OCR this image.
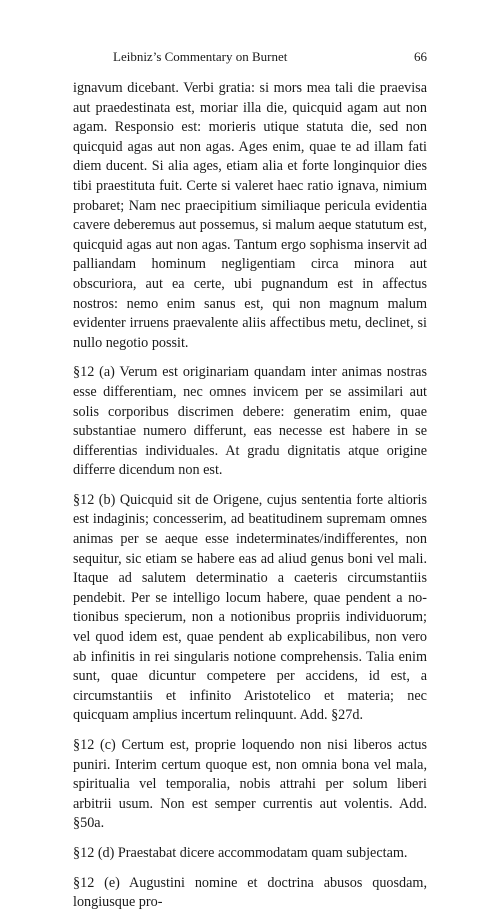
Leibniz’s Commentary on Burnet	66

ignavum dicebant. Verbi gratia: si mors mea tali die praevisa aut praedestinata est, moriar illa die, quicquid agam aut non agam. Responsio est: morieris utique statuta die, sed non quicquid agas aut non agas. Ages enim, quae te ad illam fati diem ducent. Si alia ages, etiam alia et forte longinquior dies tibi praestituta fuit. Certe si valeret haec ratio ignava, nimium probaret; Nam nec praecipitium similiaque pericula evidentia cavere deberemus aut possemus, si malum aeque statutum est, quicquid agas aut non agas. Tantum ergo sophisma inservit ad palliandam hominum negligentiam circa minora aut obscuriora, aut ea certe, ubi pugnandum est in affectus nostros: nemo enim sanus est, qui non magnum malum evidenter irruens praevalente aliis affectibus metu, declinet, si nullo negotio possit.

§12 (a) Verum est originariam quandam inter animas nostras esse differentiam, nec omnes invicem per se assimilari aut solis corporibus discrimen debere: generatim enim, quae substantiae numero differunt, eas necesse est habere in se differentias individuales. At gradu dignitatis atque origine differre dicendum non est.

§12 (b) Quicquid sit de Origene, cujus sententia forte altioris est indaginis; concesserim, ad beatitudinem supremam omnes animas per se aeque esse indeterminates/indifferentes, non sequitur, sic etiam se habere eas ad aliud genus boni vel mali. Itaque ad salutem determinatio a caeteris circumstantiis pendebit. Per se intelligo locum habere, quae pendent a notionibus specierum, non a notionibus propriis individuorum; vel quod idem est, quae pendent ab explicabilibus, non vero ab infinitis in rei singularis notione comprehensis. Talia enim sunt, quae dicuntur competere per accidens, id est, a circumstantiis et infinito Aristotelico et materia; nec quicquam amplius incertum relinquunt. Add. §27d.

§12 (c) Certum est, proprie loquendo non nisi liberos actus puniri. Interim certum quoque est, non omnia bona vel mala, spiritualia vel temporalia, nobis attrahi per solum liberi arbitrii usum. Non est semper currentis aut volentis. Add. §50a.

§12 (d) Praestabat dicere accommodatam quam subjectam.

§12 (e) Augustini nomine et doctrina abusos quosdam, longiusque pro-
